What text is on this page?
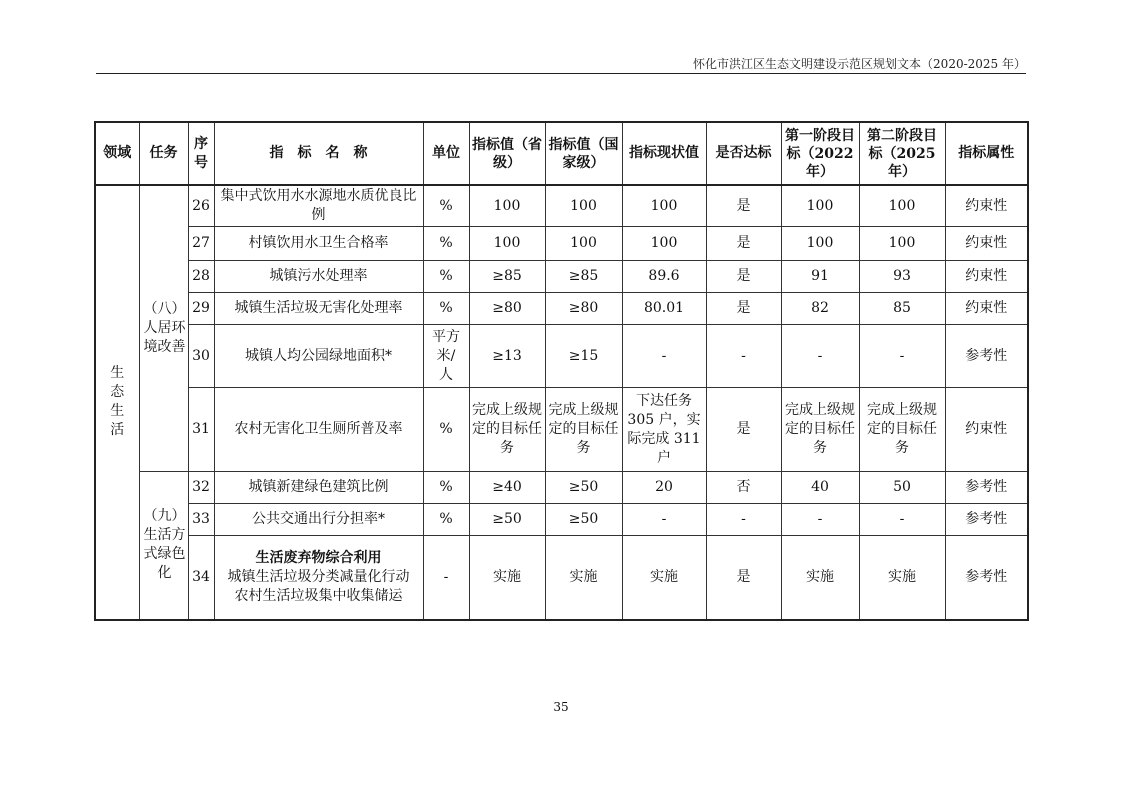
怀化市洪江区生态文明建设示范区规划文本（2020-2025 年）
领域	任务	序号	指　标　名　称	单位	指标值（省级）	指标值（国家级）	指标现状值	是否达标	第一阶段目标（2022年）	第二阶段目标（2025 年）	指标属性
生态生活	（八）人居环境改善	26	集中式饮用水水源地水质优良比例	%	100	100	100	是	100	100	约束性
		27	村镇饮用水卫生合格率	%	100	100	100	是	100	100	约束性
		28	城镇污水处理率	%	≥85	≥85	89.6	是	91	93	约束性
		29	城镇生活垃圾无害化处理率	%	≥80	≥80	80.01	是	82	85	约束性
		30	城镇人均公园绿地面积*	平方米/人	≥13	≥15	-	-	-	-	参考性
		31	农村无害化卫生厕所普及率	%	完成上级规定的目标任务	完成上级规定的目标任务	下达任务305 户，实际完成 311户	是	完成上级规定的目标任务	完成上级规定的目标任务	约束性
	（九）生活方式绿色化	32	城镇新建绿色建筑比例	%	≥40	≥50	20	否	40	50	参考性
		33	公共交通出行分担率*	%	≥50	≥50	-	-	-	-	参考性
		34	生活废弃物综合利用
城镇生活垃圾分类减量化行动
农村生活垃圾集中收集储运	-	实施	实施	实施	是	实施	实施	参考性
35
